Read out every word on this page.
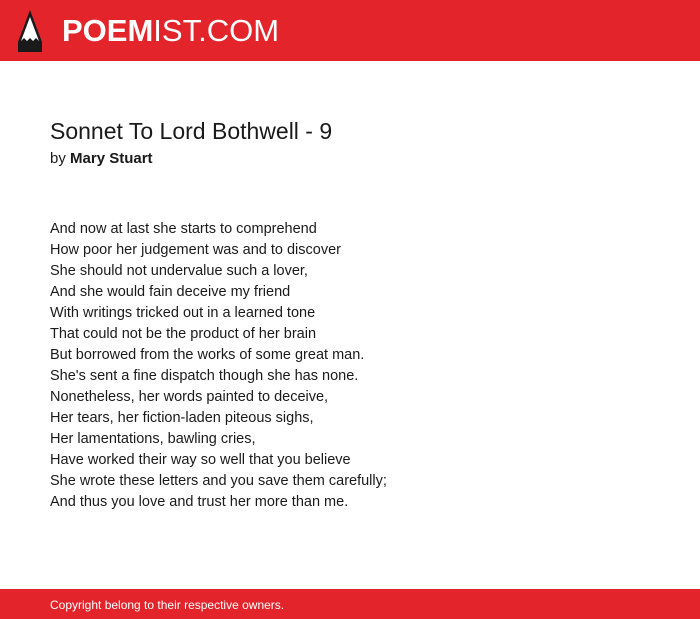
POEMIST.COM
Sonnet To Lord Bothwell - 9
by Mary Stuart
And now at last she starts to comprehend
How poor her judgement was and to discover
She should not undervalue such a lover,
And she would fain deceive my friend
With writings tricked out in a learned tone
That could not be the product of her brain
But borrowed from the works of some great man.
She's sent a fine dispatch though she has none.
Nonetheless, her words painted to deceive,
Her tears, her fiction-laden piteous sighs,
Her lamentations, bawling cries,
Have worked their way so well that you believe
She wrote these letters and you save them carefully;
And thus you love and trust her more than me.
Copyright belong to their respective owners.
